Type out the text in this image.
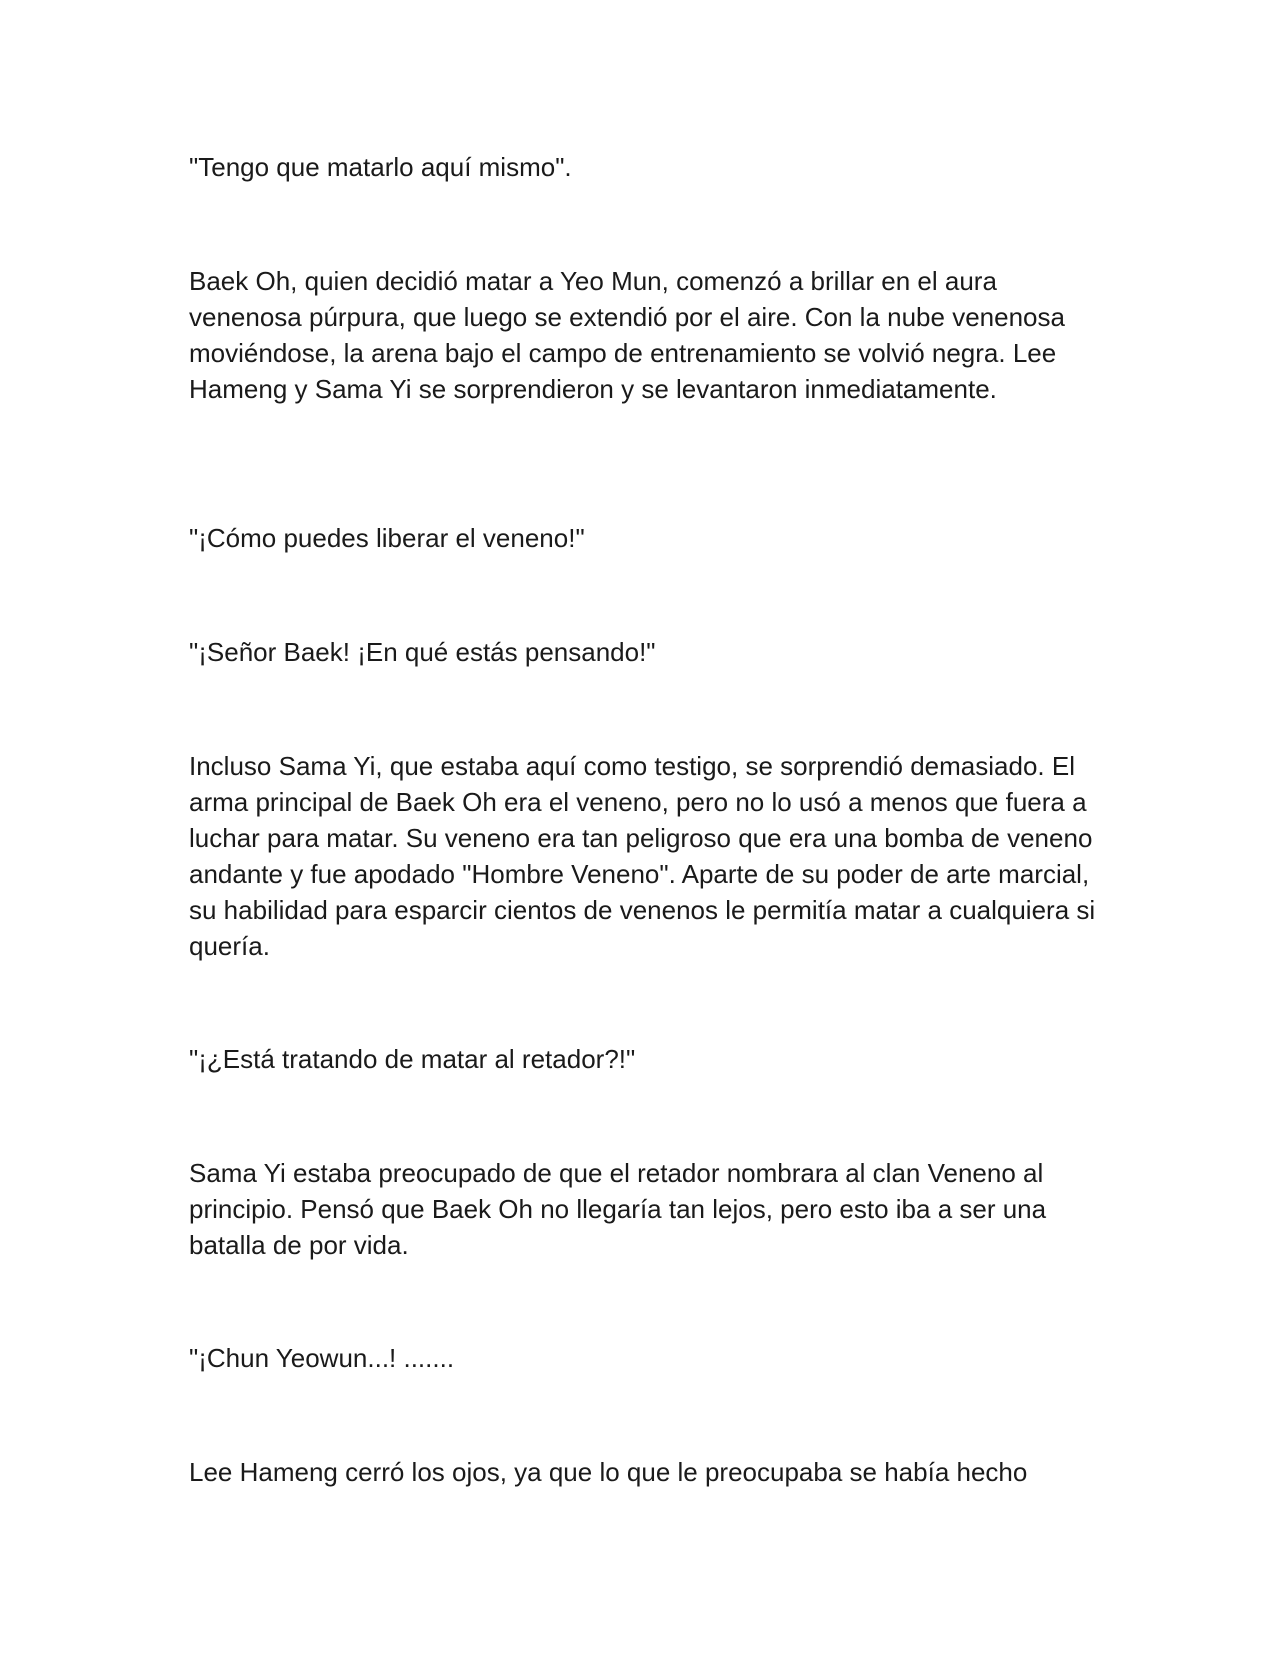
"Tengo que matarlo aquí mismo".

Baek Oh, quien decidió matar a Yeo Mun, comenzó a brillar en el aura venenosa púrpura, que luego se extendió por el aire. Con la nube venenosa moviéndose, la arena bajo el campo de entrenamiento se volvió negra. Lee Hameng y Sama Yi se sorprendieron y se levantaron inmediatamente.

"¡Cómo puedes liberar el veneno!"

"¡Señor Baek! ¡En qué estás pensando!"

Incluso Sama Yi, que estaba aquí como testigo, se sorprendió demasiado. El arma principal de Baek Oh era el veneno, pero no lo usó a menos que fuera a luchar para matar. Su veneno era tan peligroso que era una bomba de veneno andante y fue apodado "Hombre Veneno". Aparte de su poder de arte marcial, su habilidad para esparcir cientos de venenos le permitía matar a cualquiera si quería.

"¡¿Está tratando de matar al retador?!"

Sama Yi estaba preocupado de que el retador nombrara al clan Veneno al principio. Pensó que Baek Oh no llegaría tan lejos, pero esto iba a ser una batalla de por vida.

"¡Chun Yeowun...! .......

Lee Hameng cerró los ojos, ya que lo que le preocupaba se había hecho
